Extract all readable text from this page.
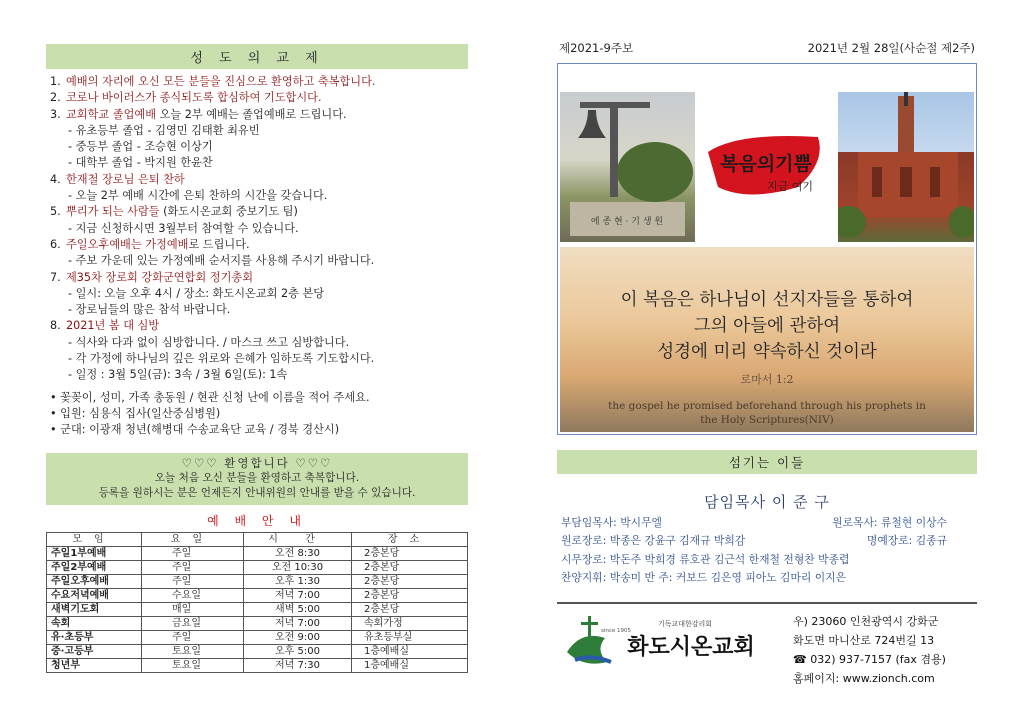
성 도 의 교 제
1. 예배의 자리에 오신 모든 분들을 진심으로 환영하고 축복합니다.
2. 코로나 바이러스가 종식되도록 합심하여 기도합시다.
3. 교회학교 졸업예배 오늘 2부 예배는 졸업예배로 드립니다.
- 유초등부 졸업 - 김영민 김태환 최유빈
- 중등부 졸업 - 조승현 이상기
- 대학부 졸업 - 박지원 한윤찬
4. 한재철 장로님 은퇴 찬하
- 오늘 2부 예배 시간에 은퇴 찬하의 시간을 갖습니다.
5. 뿌리가 되는 사람들 (화도시온교회 중보기도 팀)
- 지금 신청하시면 3월부터 참여할 수 있습니다.
6. 주일오후예배는 가정예배로 드립니다.
- 주보 가운데 있는 가정예배 순서지를 사용해 주시기 바랍니다.
7. 제35차 장로회 강화군연합회 정기총회
- 일시: 오늘 오후 4시 / 장소: 화도시온교회 2층 본당
- 장로님들의 많은 참석 바랍니다.
8. 2021년 봄 대 심방
- 식사와 다과 없이 심방합니다. / 마스크 쓰고 심방합니다.
- 각 가정에 하나님의 깊은 위로와 은혜가 임하도록 기도합시다.
- 일정 : 3월 5일(금): 3속 / 3월 6일(토): 1속
• 꽃꽂이, 성미, 가족 총동원 / 현관 신청 난에 이름을 적어 주세요.
• 입원: 심용식 집사(일산중심병원)
• 군대: 이광재 청년(해병대 수송교육단 교육 / 경북 경산시)
♡♡♡ 환영합니다 ♡♡♡
오늘 처음 오신 분들을 환영하고 축복합니다.
등록을 원하시는 분은 언제든지 안내위원의 안내를 받을 수 있습니다.
예 배 안 내
모임	요일	시 간	장소
주일1부예배	주일	오전 8:30	2층본당
주일2부예배	주일	오전 10:30	2층본당
주일오후예배	주일	오후 1:30	2층본당
수요저녁예배	수요일	저녁 7:00	2층본당
새벽기도회	매일	새벽 5:00	2층본당
속회	금요일	저녁 7:00	속회가정
유·초등부	주일	오전 9:00	유초등부실
중·고등부	토요일	오후 5:00	1층예배실
청년부	토요일	저녁 7:30	1층예배실
제2021-9주보	2021년 2월 28일(사순절 제2주)
에 종 현 · 기 생 원
복음의기쁨
지금 여기
이 복음은 하나님이 선지자들을 통하여
그의 아들에 관하여
성경에 미리 약속하신 것이라
로마서 1:2
the gospel he promised beforehand through his prophets in
the Holy Scriptures(NIV)
섬기는 이들
담임목사 이 준 구
부담임목사: 박시무엘	원로목사: 류철현 이상수
원로장로: 박종은 강윤구 김재규 박희감	명예장로: 김종규
시무장로: 박돈주 박희경 류호관 김근석 한재철 전형찬 박종렵
찬양지휘: 박송미 반 주: 커보드 김은영 피아노 김마리 이지은
since 1905
기독교대한감리회
화도시온교회
우) 23060 인천광역시 강화군
화도면 마니산로 724번길 13
☎ 032) 937-7157 (fax 겸용)
홈페이지: www.zionch.com
